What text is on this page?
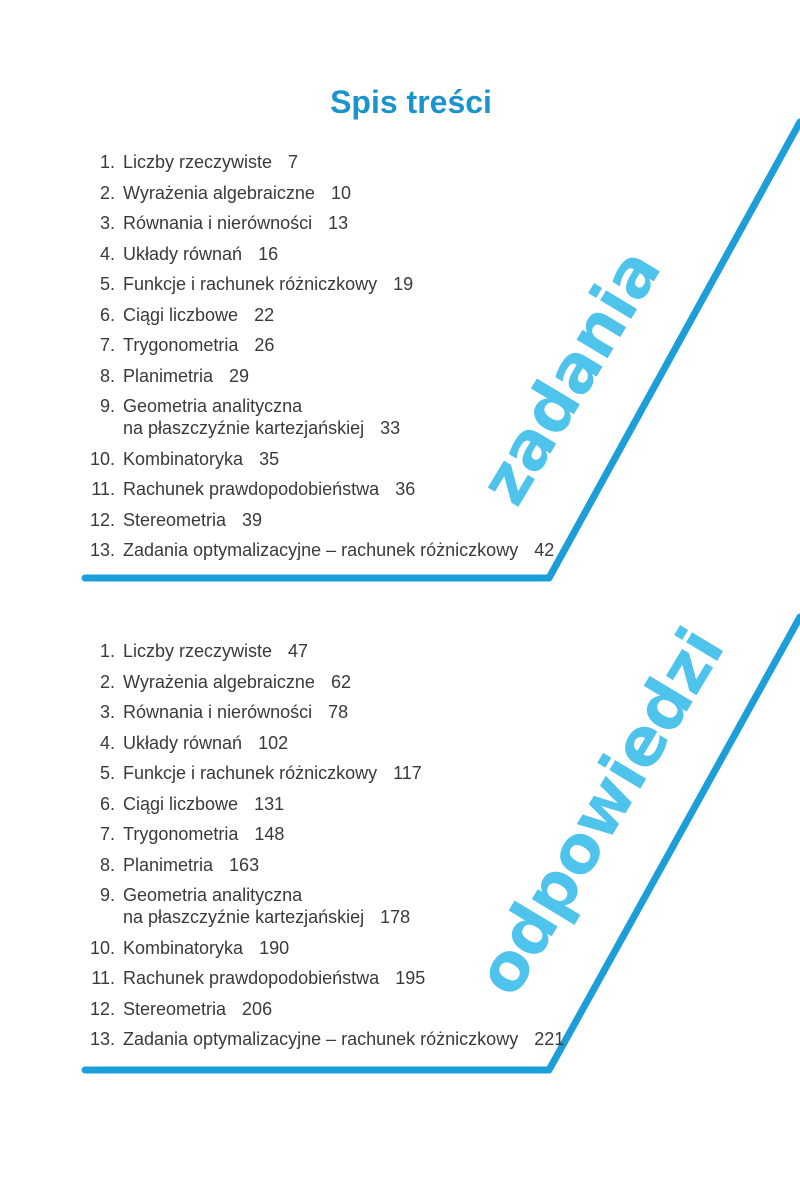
Spis treści
zadania
odpowiedzi
1. Liczby rzeczywiste 7
2. Wyrażenia algebraiczne 10
3. Równania i nierówności 13
4. Układy równań 16
5. Funkcje i rachunek różniczkowy 19
6. Ciągi liczbowe 22
7. Trygonometria 26
8. Planimetria 29
9. Geometria analityczna
na płaszczyźnie kartezjańskiej 33
10. Kombinatoryka 35
11. Rachunek prawdopodobieństwa 36
12. Stereometria 39
13. Zadania optymalizacyjne – rachunek różniczkowy 42
1. Liczby rzeczywiste 47
2. Wyrażenia algebraiczne 62
3. Równania i nierówności 78
4. Układy równań 102
5. Funkcje i rachunek różniczkowy 117
6. Ciągi liczbowe 131
7. Trygonometria 148
8. Planimetria 163
9. Geometria analityczna
na płaszczyźnie kartezjańskiej 178
10. Kombinatoryka 190
11. Rachunek prawdopodobieństwa 195
12. Stereometria 206
13. Zadania optymalizacyjne – rachunek różniczkowy 221
